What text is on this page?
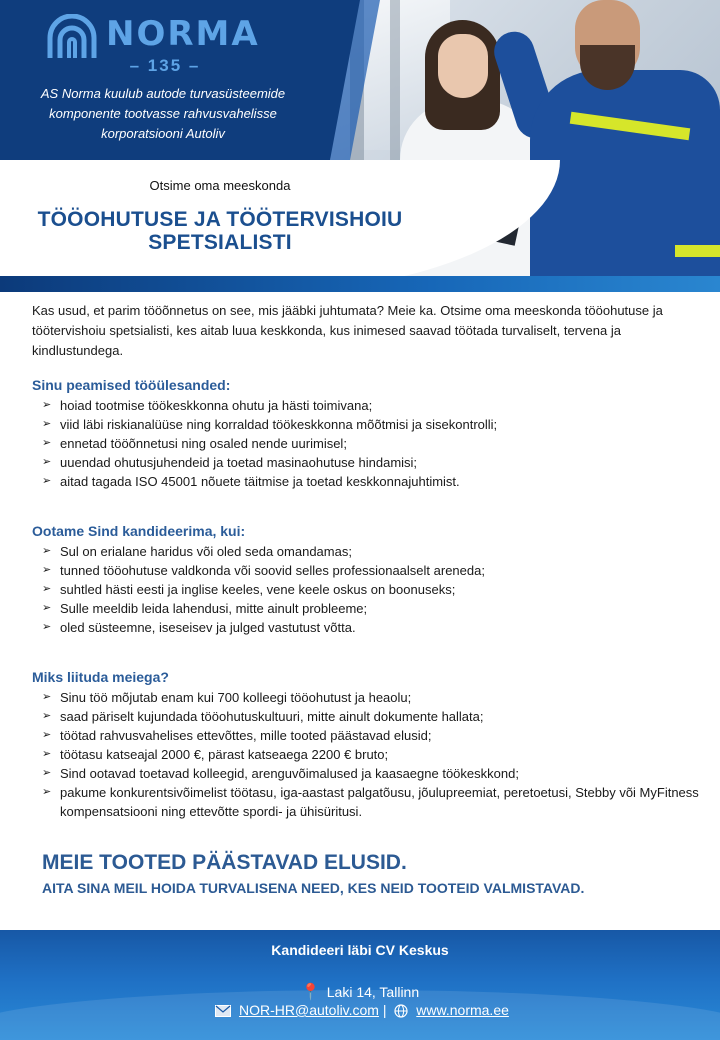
NORMA
– 135 –
AS Norma kuulub autode turvasüsteemide komponente tootvasse rahvusvahelisse korporatsiooni Autoliv
Otsime oma meeskonda
TÖÖOHUTUSE JA TÖÖTERVISHOIU SPETSIALISTI

Kas usud, et parim tööõnnetus on see, mis jääbki juhtumata? Meie ka. Otsime oma meeskonda tööohutuse ja töötervishoiu spetsialisti, kes aitab luua keskkonda, kus inimesed saavad töötada turvaliselt, tervena ja kindlustundega.

Sinu peamised tööülesanded:
➢ hoiad tootmise töökeskkonna ohutu ja hästi toimivana;
➢ viid läbi riskianalüüse ning korraldad töökeskkonna mõõtmisi ja sisekontrolli;
➢ ennetad tööõnnetusi ning osaled nende uurimisel;
➢ uuendad ohutusjuhendeid ja toetad masinaohutuse hindamisi;
➢ aitad tagada ISO 45001 nõuete täitmise ja toetad keskkonnajuhtimist.
Ootame Sind kandideerima, kui:
➢ Sul on erialane haridus või oled seda omandamas;
➢ tunned tööohutuse valdkonda või soovid selles professionaalselt areneda;
➢ suhtled hästi eesti ja inglise keeles, vene keele oskus on boonuseks;
➢ Sulle meeldib leida lahendusi, mitte ainult probleeme;
➢ oled süsteemne, iseseisev ja julged vastutust võtta.
Miks liituda meiega?
➢ Sinu töö mõjutab enam kui 700 kolleegi tööohutust ja heaolu;
➢ saad päriselt kujundada tööohutuskultuuri, mitte ainult dokumente hallata;
➢ töötad rahvusvahelises ettevõttes, mille tooted päästavad elusid;
➢ töötasu katseajal 2000 €, pärast katseaega 2200 € bruto;
➢ Sind ootavad toetavad kolleegid, arenguvõimalused ja kaasaegne töökeskkond;
➢ pakume konkurentsivõimelist töötasu, iga-aastast palgatõusu, jõulupreemiat, peretoetusi, Stebby või MyFitness kompensatsiooni ning ettevõtte spordi- ja ühisüritusi.
MEIE TOOTED PÄÄSTAVAD ELUSID.
AITA SINA MEIL HOIDA TURVALISENA NEED, KES NEID TOOTEID VALMISTAVAD.
Kandideeri läbi CV Keskus
📍 Laki 14, Tallinn
NOR-HR@autoliv.com | www.norma.ee
